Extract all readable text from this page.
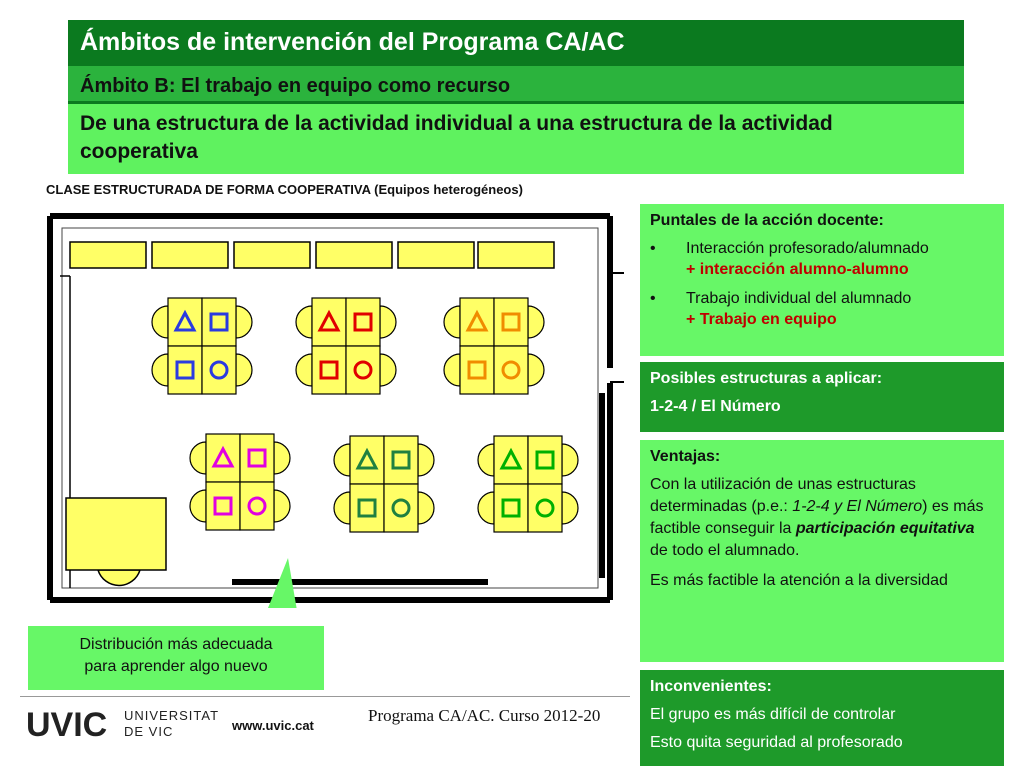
Ámbitos de intervención del Programa CA/AC
Ámbito B: El trabajo en equipo como recurso
De una estructura de la actividad individual a una estructura de la actividad cooperativa
CLASE ESTRUCTURADA DE FORMA COOPERATIVA (Equipos heterogéneos)
Distribución más adecuada
para aprender algo nuevo
Puntales de la acción docente:
• Interacción profesorado/alumnado
+ interacción alumno-alumno
• Trabajo individual del alumnado
+ Trabajo en equipo
Posibles estructuras a aplicar:
1-2-4 / El Número
Ventajas:

Con la utilización de unas estructuras determinadas (p.e.: 1-2-4 y El Número) es más factible conseguir la participación equitativa de todo el alumnado.

Es más factible la atención a la diversidad

Inconvenientes:
El grupo es más difícil de controlar
Esto quita seguridad al profesorado
UVIC UNIVERSITAT
DE VIC	www.uvic.cat
Programa CA/AC. Curso 2012-20
